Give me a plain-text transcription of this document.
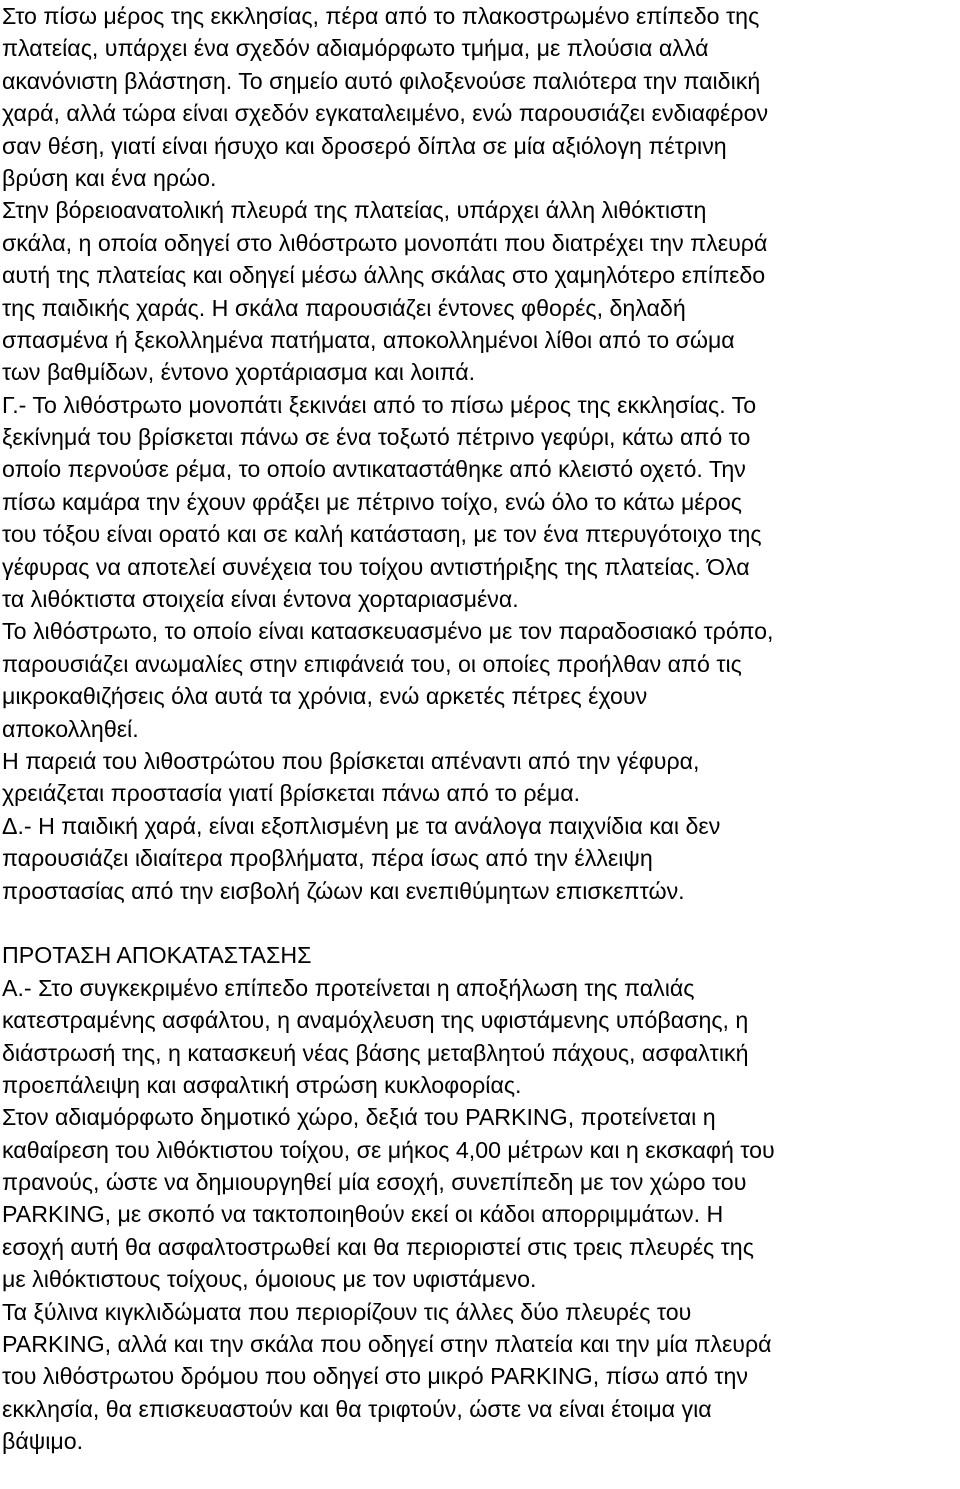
Στο πίσω μέρος της εκκλησίας, πέρα από το πλακοστρωμένο επίπεδο της
πλατείας, υπάρχει ένα σχεδόν αδιαμόρφωτο τμήμα, με πλούσια αλλά
ακανόνιστη βλάστηση. Το σημείο αυτό φιλοξενούσε παλιότερα την παιδική
χαρά, αλλά τώρα είναι σχεδόν εγκαταλειμένο, ενώ παρουσιάζει ενδιαφέρον
σαν θέση, γιατί είναι ήσυχο και δροσερό δίπλα σε μία αξιόλογη πέτρινη
βρύση και ένα ηρώο.
Στην βόρειοανατολική πλευρά της πλατείας, υπάρχει άλλη λιθόκτιστη
σκάλα, η οποία οδηγεί στο λιθόστρωτο μονοπάτι που διατρέχει την πλευρά
αυτή της πλατείας και οδηγεί μέσω άλλης σκάλας στο χαμηλότερο επίπεδο
της παιδικής χαράς. Η σκάλα παρουσιάζει έντονες φθορές, δηλαδή
σπασμένα ή ξεκολλημένα πατήματα, αποκολλημένοι λίθοι από το σώμα
των βαθμίδων, έντονο χορτάριασμα και λοιπά.
Γ.- Το λιθόστρωτο μονοπάτι ξεκινάει από το πίσω μέρος της εκκλησίας. Το
ξεκίνημά του βρίσκεται πάνω σε ένα τοξωτό πέτρινο γεφύρι, κάτω από το
οποίο περνούσε ρέμα, το οποίο αντικαταστάθηκε από κλειστό οχετό. Την
πίσω καμάρα την έχουν φράξει με πέτρινο τοίχο, ενώ όλο το κάτω μέρος
του τόξου είναι ορατό και σε καλή κατάσταση, με τον ένα πτερυγότοιχο της
γέφυρας να αποτελεί συνέχεια του τοίχου αντιστήριξης της πλατείας. Όλα
τα λιθόκτιστα στοιχεία είναι έντονα χορταριασμένα.
Το λιθόστρωτο, το οποίο είναι κατασκευασμένο με τον παραδοσιακό τρόπο,
παρουσιάζει ανωμαλίες στην επιφάνειά του, οι οποίες προήλθαν από τις
μικροκαθιζήσεις όλα αυτά τα χρόνια, ενώ αρκετές πέτρες έχουν
αποκολληθεί.
Η παρειά του λιθοστρώτου που βρίσκεται απέναντι από την γέφυρα,
χρειάζεται προστασία γιατί βρίσκεται πάνω από το ρέμα.
Δ.- Η παιδική χαρά, είναι εξοπλισμένη με τα ανάλογα παιχνίδια και δεν
παρουσιάζει ιδιαίτερα προβλήματα, πέρα ίσως από την έλλειψη
προστασίας από την εισβολή ζώων και ενεπιθύμητων επισκεπτών.
ΠΡΟΤΑΣΗ ΑΠΟΚΑΤΑΣΤΑΣΗΣ
Α.- Στο συγκεκριμένο επίπεδο προτείνεται η αποξήλωση της παλιάς
κατεστραμένης ασφάλτου, η αναμόχλευση της υφιστάμενης υπόβασης, η
διάστρωσή της, η κατασκευή νέας βάσης μεταβλητού πάχους, ασφαλτική
προεπάλειψη και ασφαλτική στρώση κυκλοφορίας.
Στον αδιαμόρφωτο δημοτικό χώρο, δεξιά του PARKING, προτείνεται η
καθαίρεση του λιθόκτιστου τοίχου, σε μήκος 4,00 μέτρων και η εκσκαφή του
πρανούς, ώστε να δημιουργηθεί μία εσοχή, συνεπίπεδη με τον χώρο του
PARKING, με σκοπό να τακτοποιηθούν εκεί οι κάδοι απορριμμάτων. Η
εσοχή αυτή θα ασφαλτοστρωθεί και θα περιοριστεί στις τρεις πλευρές της
με λιθόκτιστους τοίχους, όμοιους με τον υφιστάμενο.
Τα ξύλινα κιγκλιδώματα που περιορίζουν τις άλλες δύο πλευρές του
PARKING, αλλά και την σκάλα που οδηγεί στην πλατεία και την μία πλευρά
του λιθόστρωτου δρόμου που οδηγεί στο μικρό PARKING, πίσω από την
εκκλησία, θα επισκευαστούν και θα τριφτούν, ώστε να είναι έτοιμα για
βάψιμο.
